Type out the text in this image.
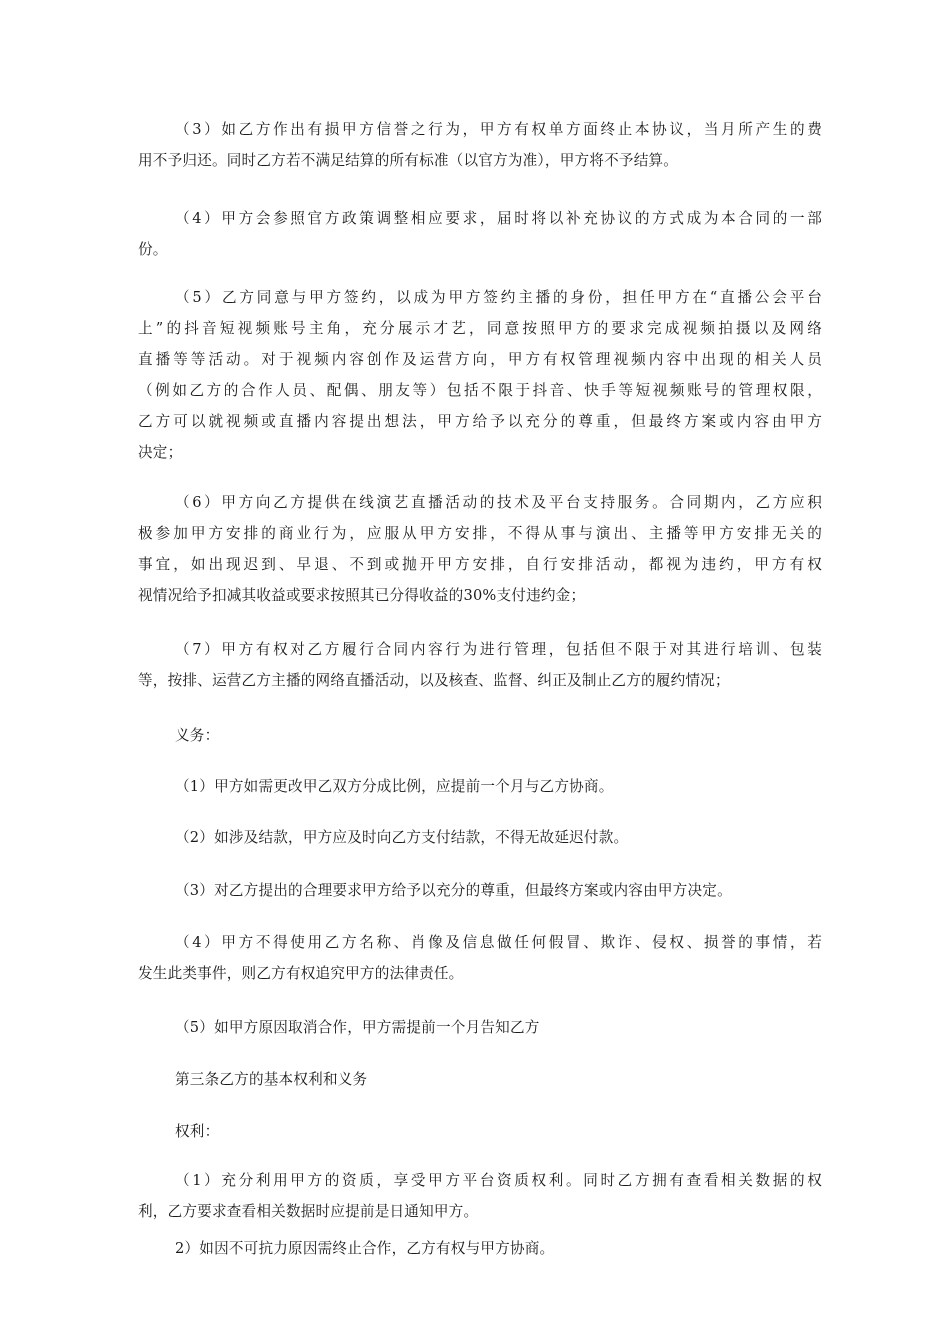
（3）如乙方作出有损甲方信誉之行为，甲方有权单方面终止本协议，当月所产生的费
用不予归还。同时乙方若不满足结算的所有标准（以官方为准），甲方将不予结算。
（4）甲方会参照官方政策调整相应要求，届时将以补充协议的方式成为本合同的一部
份。
（5）乙方同意与甲方签约，以成为甲方签约主播的身份，担任甲方在“直播公会平台
上”的抖音短视频账号主角，充分展示才艺，同意按照甲方的要求完成视频拍摄以及网络
直播等等活动。对于视频内容创作及运营方向，甲方有权管理视频内容中出现的相关人员
（例如乙方的合作人员、配偶、朋友等）包括不限于抖音、快手等短视频账号的管理权限，
乙方可以就视频或直播内容提出想法，甲方给予以充分的尊重，但最终方案或内容由甲方
决定；
（6）甲方向乙方提供在线演艺直播活动的技术及平台支持服务。合同期内，乙方应积
极参加甲方安排的商业行为，应服从甲方安排，不得从事与演出、主播等甲方安排无关的
事宜，如出现迟到、早退、不到或抛开甲方安排，自行安排活动，都视为违约，甲方有权
视情况给予扣减其收益或要求按照其已分得收益的30%支付违约金；
（7）甲方有权对乙方履行合同内容行为进行管理，包括但不限于对其进行培训、包装
等，按排、运营乙方主播的网络直播活动，以及核查、监督、纠正及制止乙方的履约情况；
义务：
（1）甲方如需更改甲乙双方分成比例，应提前一个月与乙方协商。
（2）如涉及结款，甲方应及时向乙方支付结款，不得无故延迟付款。
（3）对乙方提出的合理要求甲方给予以充分的尊重，但最终方案或内容由甲方决定。
（4）甲方不得使用乙方名称、肖像及信息做任何假冒、欺诈、侵权、损誉的事情，若
发生此类事件，则乙方有权追究甲方的法律责任。
（5）如甲方原因取消合作，甲方需提前一个月告知乙方
第三条乙方的基本权利和义务
权利：
（1）充分利用甲方的资质，享受甲方平台资质权利。同时乙方拥有查看相关数据的权
利，乙方要求查看相关数据时应提前是日通知甲方。
2）如因不可抗力原因需终止合作，乙方有权与甲方协商。
